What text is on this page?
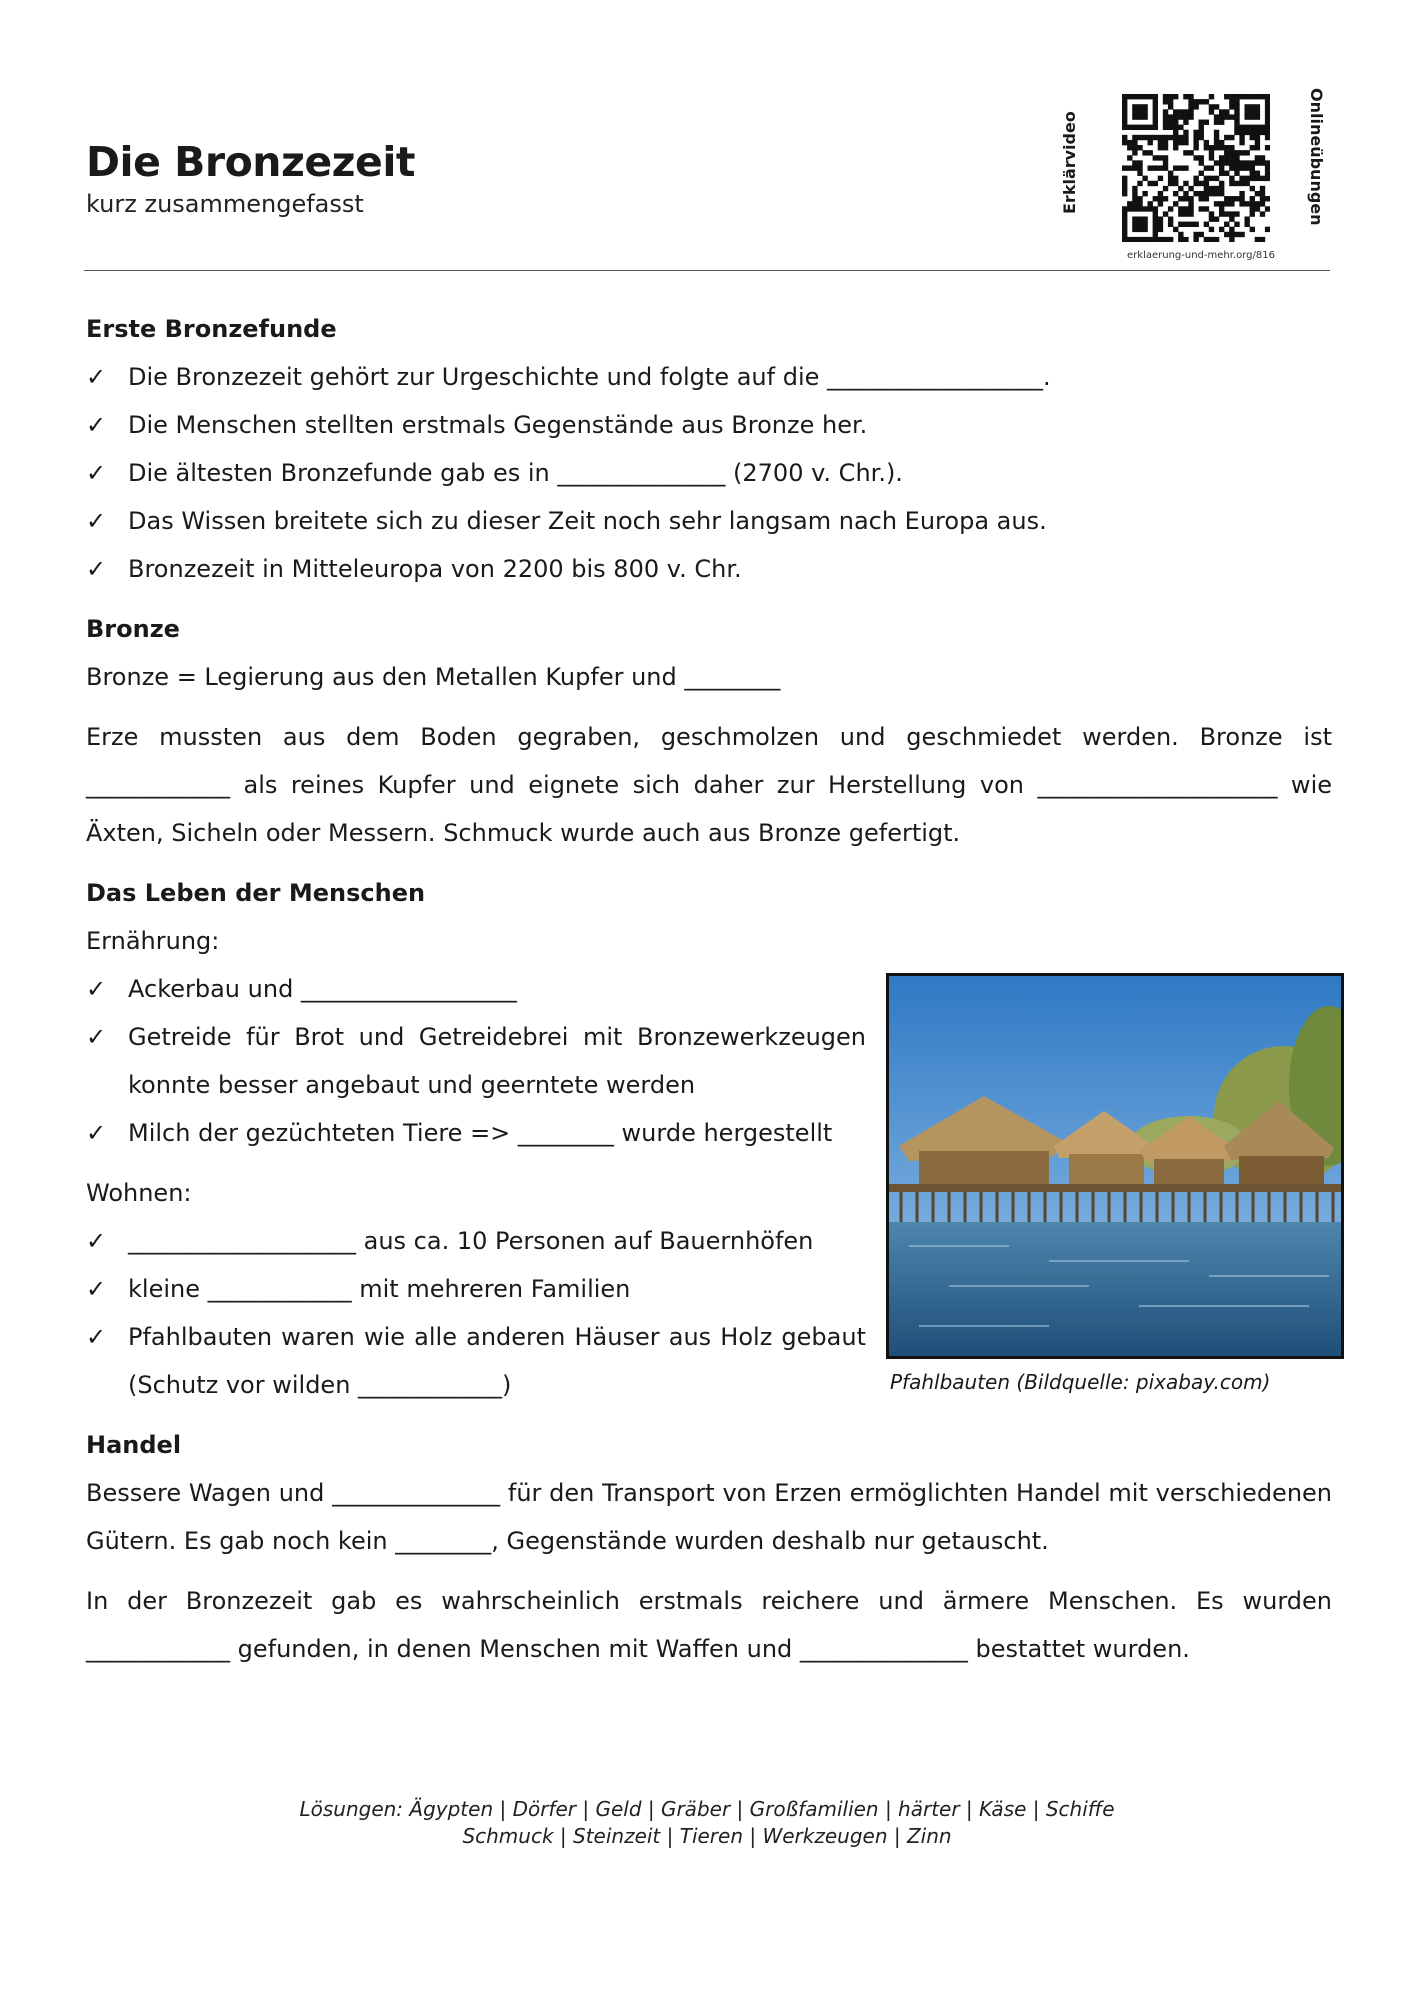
Die Bronzezeit
kurz zusammengefasst	Erklärvideo	Onlineübungen
erklaerung-und-mehr.org/816

Erste Bronzefunde

✓ Die Bronzezeit gehört zur Urgeschichte und folgte auf die __________________.
✓ Die Menschen stellten erstmals Gegenstände aus Bronze her.
✓ Die ältesten Bronzefunde gab es in ______________ (2700 v. Chr.).
✓ Das Wissen breitete sich zu dieser Zeit noch sehr langsam nach Europa aus.
✓ Bronzezeit in Mitteleuropa von 2200 bis 800 v. Chr.

Bronze

Bronze = Legierung aus den Metallen Kupfer und ________

Erze mussten aus dem Boden gegraben, geschmolzen und geschmiedet werden. Bronze ist ____________ als reines Kupfer und eignete sich daher zur Herstellung von ____________________ wie Äxten, Sicheln oder Messern. Schmuck wurde auch aus Bronze gefertigt.

Das Leben der Menschen

Ernährung:

✓ Ackerbau und __________________
✓ Getreide für Brot und Getreidebrei mit Bronzewerkzeugen konnte besser angebaut und geerntete werden
✓ Milch der gezüchteten Tiere => ________ wurde hergestellt

Wohnen:

✓ ___________________ aus ca. 10 Personen auf Bauernhöfen
✓ kleine ____________ mit mehreren Familien
✓ Pfahlbauten waren wie alle anderen Häuser aus Holz gebaut (Schutz vor wilden ____________)	Pfahlbauten (Bildquelle: pixabay.com)

Handel

Bessere Wagen und ______________ für den Transport von Erzen ermöglichten Handel mit verschiedenen Gütern. Es gab noch kein ________, Gegenstände wurden deshalb nur getauscht.

In der Bronzezeit gab es wahrscheinlich erstmals reichere und ärmere Menschen. Es wurden ____________ gefunden, in denen Menschen mit Waffen und ______________ bestattet wurden.

Lösungen: Ägypten | Dörfer | Geld | Gräber | Großfamilien | härter | Käse | Schiffe
Schmuck | Steinzeit | Tieren | Werkzeugen | Zinn
